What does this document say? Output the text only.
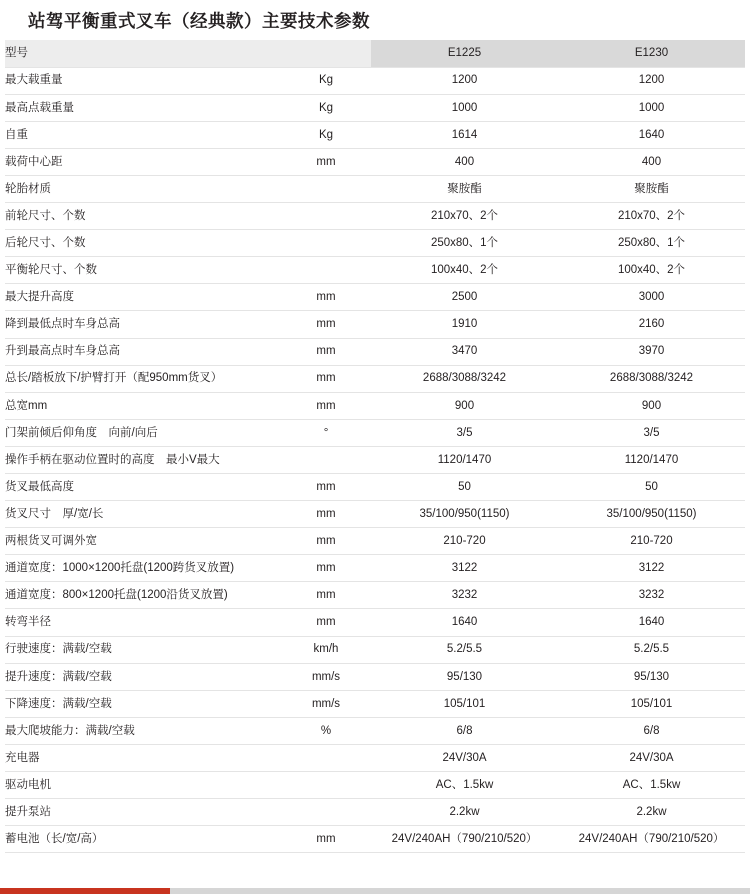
站驾平衡重式叉车（经典款）主要技术参数
型号		E1225	E1230
最大载重量	Kg	1200	1200
最高点载重量	Kg	1000	1000
自重	Kg	1614	1640
载荷中心距	mm	400	400
轮胎材质		聚胺酯	聚胺酯
前轮尺寸、个数		210x70、2个	210x70、2个
后轮尺寸、个数		250x80、1个	250x80、1个
平衡轮尺寸、个数		100x40、2个	100x40、2个
最大提升高度	mm	2500	3000
降到最低点时车身总高	mm	1910	2160
升到最高点时车身总高	mm	3470	3970
总长/踏板放下/护臂打开（配950mm货叉）	mm	2688/3088/3242	2688/3088/3242
总宽mm	mm	900	900
门架前倾后仰角度　向前/向后	°	3/5	3/5
操作手柄在驱动位置时的高度　最小V最大		1120/1470	1120/1470
货叉最低高度	mm	50	50
货叉尺寸　厚/宽/长	mm	35/100/950(1150)	35/100/950(1150)
两根货叉可调外宽	mm	210-720	210-720
通道宽度：1000×1200托盘(1200跨货叉放置)	mm	3122	3122
通道宽度：800×1200托盘(1200沿货叉放置)	mm	3232	3232
转弯半径	mm	1640	1640
行驶速度：满载/空载	km/h	5.2/5.5	5.2/5.5
提升速度：满载/空载	mm/s	95/130	95/130
下降速度：满载/空载	mm/s	105/101	105/101
最大爬坡能力：满载/空载	%	6/8	6/8
充电器		24V/30A	24V/30A
驱动电机		AC、1.5kw	AC、1.5kw
提升泵站		2.2kw	2.2kw
蓄电池（长/宽/高）	mm	24V/240AH（790/210/520）	24V/240AH（790/210/520）
